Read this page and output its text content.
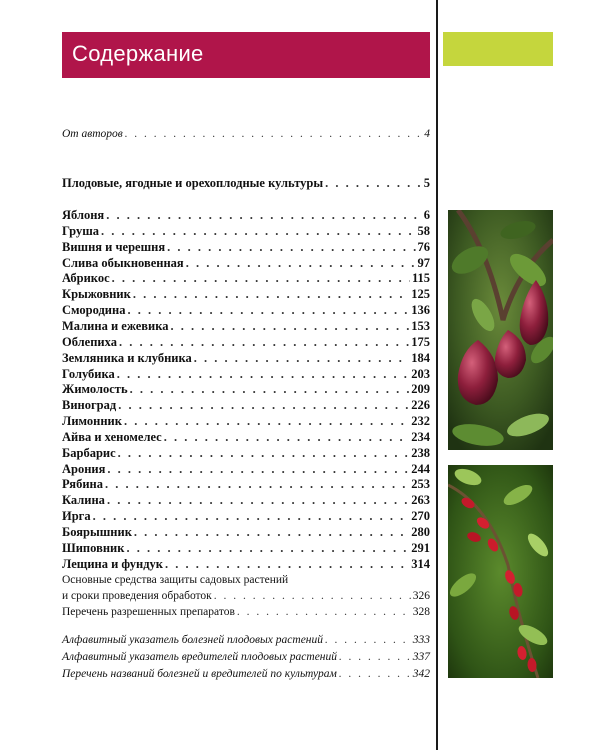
Содержание
От авторов . . .	4
Плодовые, ягодные и орехоплодные культуры . . .	5
Яблоня . . .	6
Груша . . .	58
Вишня и черешня . . .	76
Слива обыкновенная . . .	97
Абрикос . . .	115
Крыжовник . . .	125
Смородина . . .	136
Малина и ежевика . . .	153
Облепиха . . .	175
Земляника и клубника . . .	184
Голубика . . .	203
Жимолость . . .	209
Виноград . . .	226
Лимонник . . .	232
Айва и хеномелес . . .	234
Барбарис . . .	238
Арония . . .	244
Рябина . . .	253
Калина . . .	263
Ирга . . .	270
Боярышник . . .	280
Шиповник . . .	291
Лещина и фундук . . .	314
Основные средства защиты садовых растений
и сроки проведения обработок . . .	326
Перечень разрешенных препаратов . . .	328
Алфавитный указатель болезней плодовых растений . . .	333
Алфавитный указатель вредителей плодовых растений . . .	337
Перечень названий болезней и вредителей по культурам . . .	342
